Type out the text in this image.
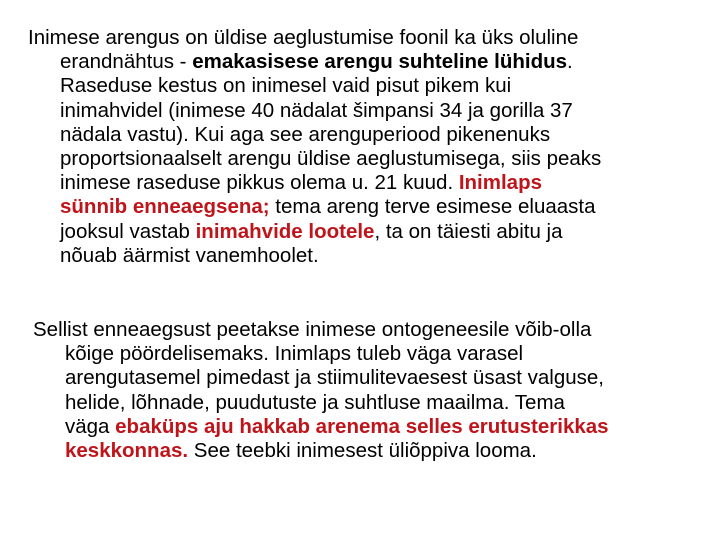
Inimese arengus on üldise aeglustumise foonil ka üks oluline
erandnähtus - emakasisese arengu suhteline lühidus.
Raseduse kestus on inimesel vaid pisut pikem kui
inimahvidel (inimese 40 nädalat šimpansi 34 ja gorilla 37
nädala vastu). Kui aga see arenguperiood pikenenuks
proportsionaalselt arengu üldise aeglustumisega, siis peaks
inimese raseduse pikkus olema u. 21 kuud. Inimlaps
sünnib enneaegsena; tema areng terve esimese eluaasta
jooksul vastab inimahvide lootele, ta on täiesti abitu ja
nõuab äärmist vanemhoolet.
Sellist enneaegsust peetakse inimese ontogeneesile võib-olla
kõige pöördelisemaks. Inimlaps tuleb väga varasel
arengutasemel pimedast ja stiimulitevaesest üsast valguse,
helide, lõhnade, puudutuste ja suhtluse maailma. Tema
väga ebaküps aju hakkab arenema selles erutusterikkas
keskkonnas. See teebki inimesest üliõppiva looma.
